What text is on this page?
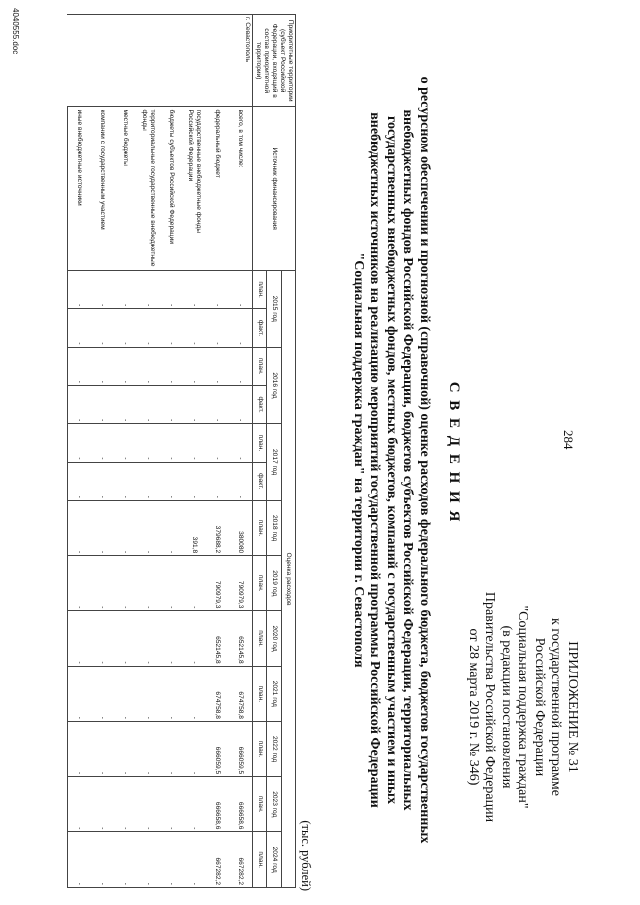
284
ПРИЛОЖЕНИЕ № 31
к государственной программе
Российской Федерации
"Социальная поддержка граждан"
(в редакции постановления
Правительства Российской Федерации
от 28 марта 2019 г. № 346)
С В Е Д Е Н И Я
о ресурсном обеспечении и прогнозной (справочной) оценке расходов федерального бюджета, бюджетов государственных
внебюджетных фондов Российской Федерации, бюджетов субъектов Российской Федерации, территориальных
государственных внебюджетных фондов, местных бюджетов, компаний с государственным участием и иных
внебюджетных источников на реализацию мероприятий государственной программы Российской Федерации
"Социальная поддержка граждан" на территории г. Севастополя
(тыс. рублей)
Приоритетные территории (субъект Российской Федерации, входящий в состав приоритетной территории)	Источник финансирования	Оценка расходов												
		2015 год		2016 год		2017 год		2018 год	2019 год	2020 год	2021 год	2022 год	2023 год	2024 год
		план.	факт.	план.	факт.	план.	факт.	план.	план.	план.	план.	план.	план.	план.
г. Севастополь	всего, в том числе:	-	-	-	-	-	-	380080	790979,3	652145,8	674758,8	666059,5	666658,6	667282,2
	федеральный бюджет	-	-	-	-	-	-	379688,2	790979,3	652145,8	674758,8	666059,5	666658,6	667282,2
	государственные внебюджетные фонды Российской Федерации	-	-	-	-	-	-	391,8	-	-	-	-	-	-
	бюджеты субъектов Российской Федерации	-	-	-	-	-	-	-	-	-	-	-	-	-
	территориальные государственные внебюджетные фонды	-	-	-	-	-	-	-	-	-	-	-	-	-
	местные бюджеты	-	-	-	-	-	-	-	-	-	-	-	-	-
	компании с государственным участием	-	-	-	-	-	-	-	-	-	-	-	-	-
	иные внебюджетные источники	-	-	-	-	-	-	-	-	-	-	-	-	-
4040555.doc
